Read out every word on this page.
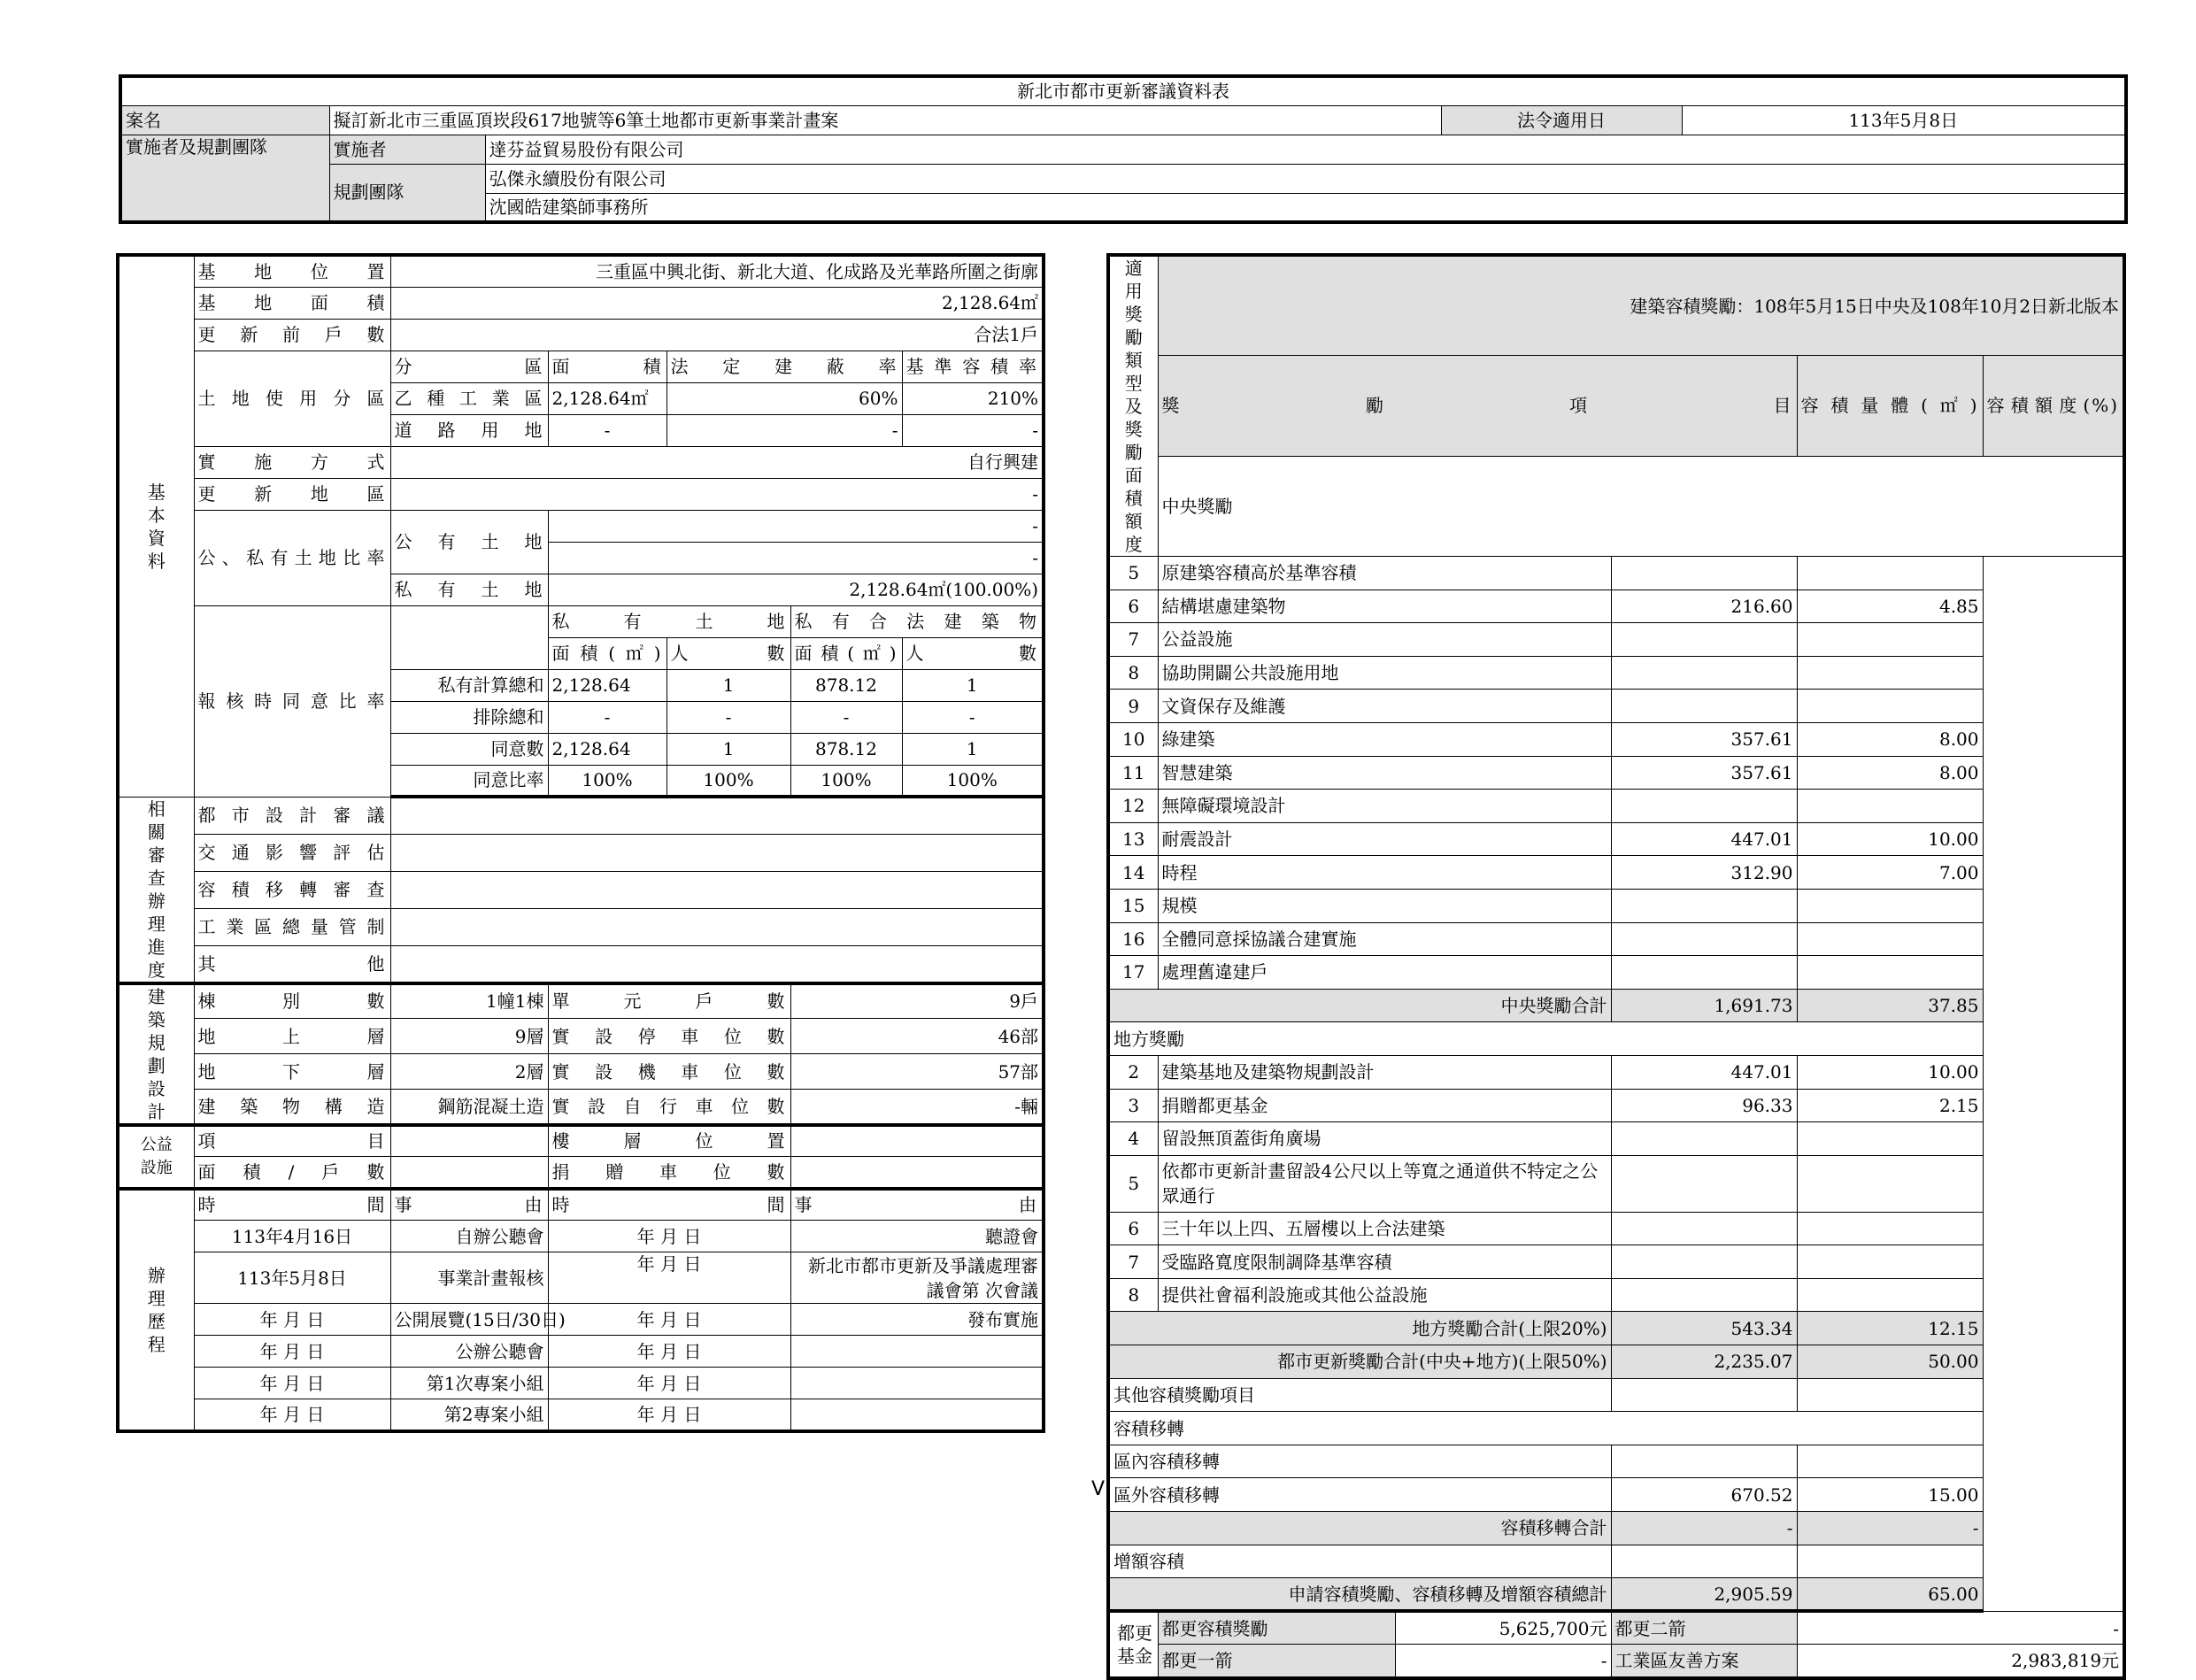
新北市都市更新審議資料表				
案名	擬訂新北市三重區頂崁段617地號等6筆土地都市更新事業計畫案		法令適用日	113年5月8日
實施者及規劃團隊	實施者	達芬益貿易股份有限公司		
	規劃團隊	弘傑永續股份有限公司		
		沈國皓建築師事務所		
基本資料	基地位置	三重區中興北街、新北大道、化成路及光華路所圍之街廓				
	基地面積	2,128.64㎡				
	更新前戶數	合法1戶				
	土地使用分區	分區	面積	法定建蔽率		基準容積率
		乙種工業區	2,128.64㎡	60%		210%
		道路用地	-	-		-
	實施方式	自行興建				
	更新地區	-				
	公、私有土地比率	公有土地	-			
			-			
		私有土地	2,128.64㎡(100.00%)			
	報核時同意比率		私有土地		私有合法建築物	
			面積(㎡)	人數	面積(㎡)	人數
		私有計算總和	2,128.64	1	878.12	1
		排除總和	-	-	-	-
		同意數	2,128.64	1	878.12	1
		同意比率	100%	100%	100%	100%
相關審查辦理進度	都市設計審議					
	交通影響評估					
	容積移轉審查					
	工業區總量管制					
	其他					
建築規劃設計	棟別數	1幢1棟	單元戶數		9戶	
	地上層	9層	實設停車位數		46部	
	地下層	2層	實設機車位數		57部	
	建築物構造	鋼筋混凝土造	實設自行車位數		-輛	
公益設施	項目		樓層位置			
	面積/戶數		捐贈車位數			
辦理歷程	時間	事由	時間		事由	
	113年4月16日	自辦公聽會	年 月 日		聽證會	
	113年5月8日	事業計畫報核	年 月 日		新北市都市更新及爭議處理審議會第 次會議	
	年 月 日	公開展覽(15日/30日)	年 月 日		發布實施	
	年 月 日	公辦公聽會	年 月 日			
	年 月 日	第1次專案小組	年 月 日			
	年 月 日	第2專案小組	年 月 日			
適用獎勵類型及獎勵面積額度	建築容積獎勵：108年5月15日中央及108年10月2日新北版本				
	獎勵項目			容積量體(㎡)	容積額度(%)
	中央獎勵				
5	原建築容積高於基準容積				
6	結構堪慮建築物		216.60	4.85	
7	公益設施				
8	協助開闢公共設施用地				
9	文資保存及維護				
10	綠建築		357.61	8.00	
11	智慧建築		357.61	8.00	
12	無障礙環境設計				
13	耐震設計		447.01	10.00	
14	時程		312.90	7.00	
15	規模				
16	全體同意採協議合建實施				
17	處理舊違建戶				
中央獎勵合計			1,691.73	37.85	
地方獎勵					
2	建築基地及建築物規劃設計		447.01	10.00	
3	捐贈都更基金		96.33	2.15	
4	留設無頂蓋街角廣場				
5	依都市更新計畫留設4公尺以上等寬之通道供不特定之公眾通行				
6	三十年以上四、五層樓以上合法建築				
7	受臨路寬度限制調降基準容積				
8	提供社會福利設施或其他公益設施				
地方獎勵合計(上限20%)			543.34	12.15	
都市更新獎勵合計(中央+地方)(上限50%)			2,235.07	50.00	
其他容積獎勵項目					
容積移轉					
區內容積移轉					
區外容積移轉			670.52	15.00	
容積移轉合計			-	-	
增額容積					
申請容積獎勵、容積移轉及增額容積總計			2,905.59	65.00	
都更基金	都更容積獎勵	5,625,700元	都更二箭	-	
	都更一箭	-	工業區友善方案	2,983,819元	
V
